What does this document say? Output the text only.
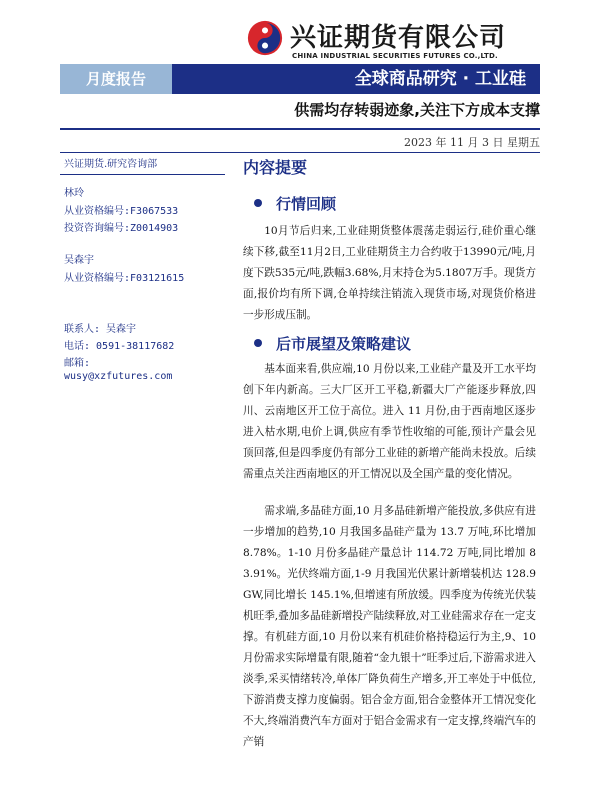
兴证期货有限公司
CHINA INDUSTRIAL SECURITIES FUTURES CO.,LTD.
月度报告	全球商品研究 · 工业硅
供需均存转弱迹象,关注下方成本支撑
2023 年 11 月 3 日 星期五
兴证期货.研究咨询部
林玲
从业资格编号:F3067533
投资咨询编号:Z0014903
吴森宇
从业资格编号:F03121615
联系人: 吴森宇
电话: 0591-38117682
邮箱:
wusy@xzfutures.com
内容提要
行情回顾
10月节后归来,工业硅期货整体震荡走弱运行,硅价重心继续下移,截至11月2日,工业硅期货主力合约收于13990元/吨,月度下跌535元/吨,跌幅3.68%,月末持仓为5.1807万手。现货方面,报价均有所下调,仓单持续注销流入现货市场,对现货价格进一步形成压制。
后市展望及策略建议
基本面来看,供应端,10 月份以来,工业硅产量及开工水平均创下年内新高。三大厂区开工平稳,新疆大厂产能逐步释放,四川、云南地区开工位于高位。进入 11 月份,由于西南地区逐步进入枯水期,电价上调,供应有季节性收缩的可能,预计产量会见顶回落,但是四季度仍有部分工业硅的新增产能尚未投放。后续需重点关注西南地区的开工情况以及全国产量的变化情况。
需求端,多晶硅方面,10 月多晶硅新增产能投放,多供应有进一步增加的趋势,10 月我国多晶硅产量为 13.7 万吨,环比增加 8.78%。1-10 月份多晶硅产量总计 114.72 万吨,同比增加 83.91%。光伏终端方面,1-9 月我国光伏累计新增装机达 128.9GW,同比增长 145.1%,但增速有所放缓。四季度为传统光伏装机旺季,叠加多晶硅新增投产陆续释放,对工业硅需求存在一定支撑。有机硅方面,10 月份以来有机硅价格持稳运行为主,9、10 月份需求实际增量有限,随着“金九银十”旺季过后,下游需求进入淡季,采买情绪转冷,单体厂降负荷生产增多,开工率处于中低位,下游消费支撑力度偏弱。铝合金方面,铝合金整体开工情况变化不大,终端消费汽车方面对于铝合金需求有一定支撑,终端汽车的产销
